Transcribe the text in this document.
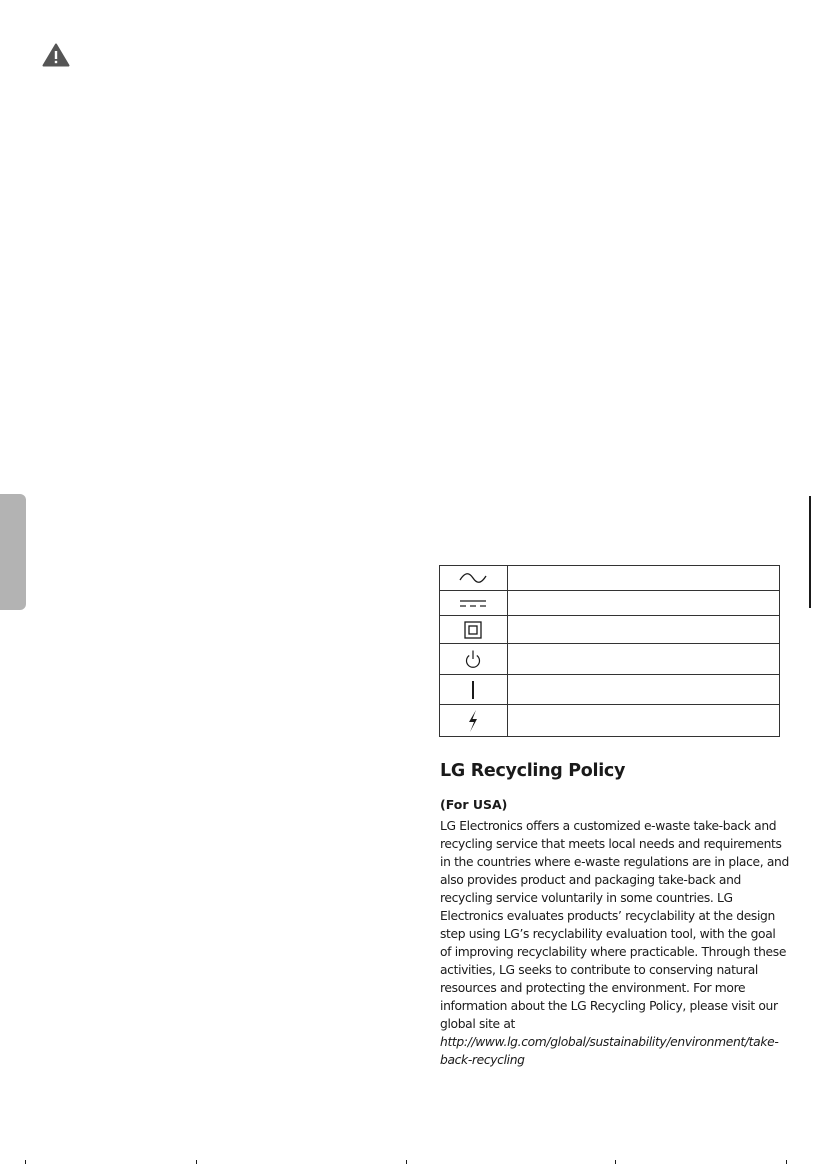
LG Recycling Policy
(For USA)

LG Electronics offers a customized e-waste take-back and recycling service that meets local needs and requirements in the countries where e-waste regulations are in place, and also provides product and packaging take-back and recycling service voluntarily in some countries. LG Electronics evaluates products’ recyclability at the design step using LG’s recyclability evaluation tool, with the goal of improving recyclability where practicable. Through these activities, LG seeks to contribute to conserving natural resources and protecting the environment. For more information about the LG Recycling Policy, please visit our global site at
http://www.lg.com/global/sustainability/environment/take-back-recycling
